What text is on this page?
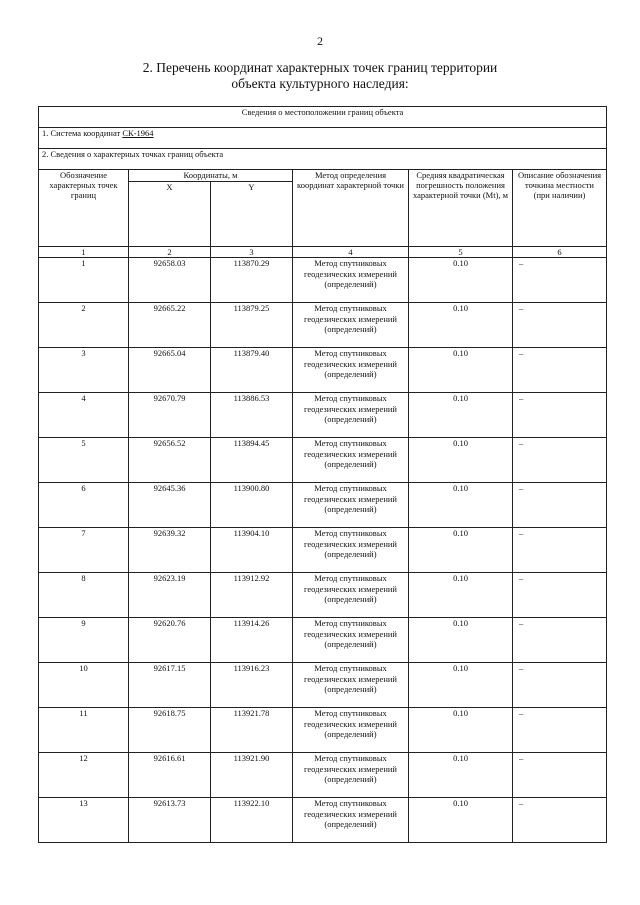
2
2. Перечень координат характерных точек границ территории
объекта культурного наследия:
Сведения о местоположении границ объекта					
1. Система координат СК-1964					
2. Сведения о характерных точках границ объекта					
Обозначение характерных точек границ	Координаты, м		Метод определения координат характерной точки	Средняя квадратическая погрешность положения характерной точки (Mt), м	Описание обозначения точкина местности (при наличии)
	X	Y			
1	2	3	4	5	6
1	92658.03	113870.29	Метод спутниковых геодезических измерений (определений)	0.10	–
2	92665.22	113879.25	Метод спутниковых геодезических измерений (определений)	0.10	–
3	92665.04	113879.40	Метод спутниковых геодезических измерений (определений)	0.10	–
4	92670.79	113886.53	Метод спутниковых геодезических измерений (определений)	0.10	–
5	92656.52	113894.45	Метод спутниковых геодезических измерений (определений)	0.10	–
6	92645.36	113900.80	Метод спутниковых геодезических измерений (определений)	0.10	–
7	92639.32	113904.10	Метод спутниковых геодезических измерений (определений)	0.10	–
8	92623.19	113912.92	Метод спутниковых геодезических измерений (определений)	0.10	–
9	92620.76	113914.26	Метод спутниковых геодезических измерений (определений)	0.10	–
10	92617.15	113916.23	Метод спутниковых геодезических измерений (определений)	0.10	–
11	92618.75	113921.78	Метод спутниковых геодезических измерений (определений)	0.10	–
12	92616.61	113921.90	Метод спутниковых геодезических измерений (определений)	0.10	–
13	92613.73	113922.10	Метод спутниковых геодезических измерений (определений)	0.10	–
